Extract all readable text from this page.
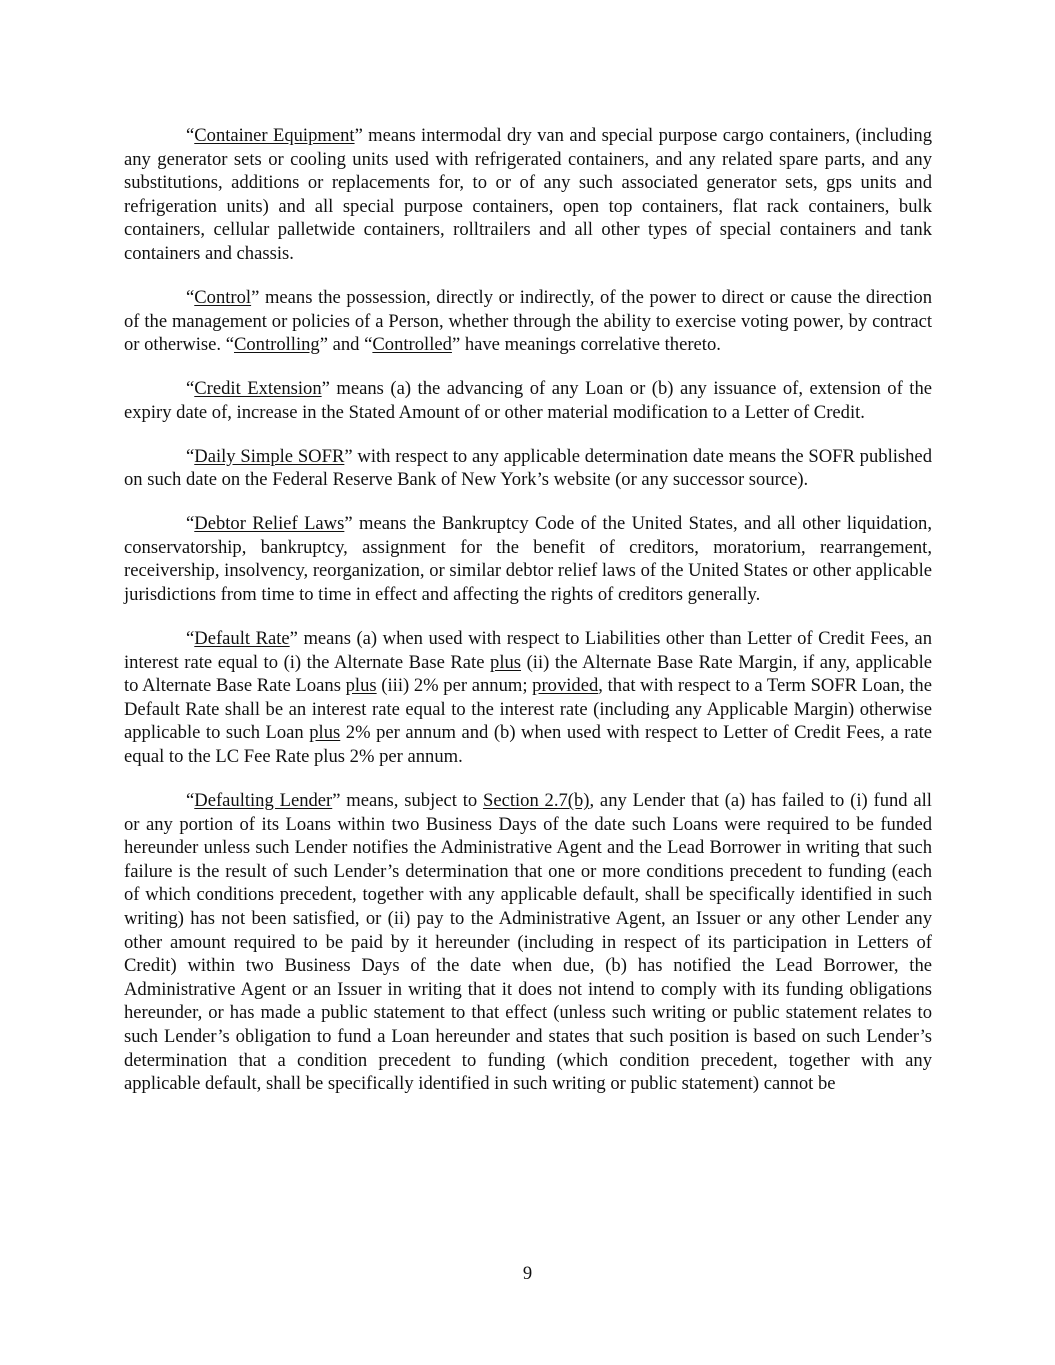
“Container Equipment” means intermodal dry van and special purpose cargo containers, (including any generator sets or cooling units used with refrigerated containers, and any related spare parts, and any substitutions, additions or replacements for, to or of any such associated generator sets, gps units and refrigeration units) and all special purpose containers, open top containers, flat rack containers, bulk containers, cellular palletwide containers, rolltrailers and all other types of special containers and tank containers and chassis.

“Control” means the possession, directly or indirectly, of the power to direct or cause the direction of the management or policies of a Person, whether through the ability to exercise voting power, by contract or otherwise. “Controlling” and “Controlled” have meanings correlative thereto.

“Credit Extension” means (a) the advancing of any Loan or (b) any issuance of, extension of the expiry date of, increase in the Stated Amount of or other material modification to a Letter of Credit.

“Daily Simple SOFR” with respect to any applicable determination date means the SOFR published on such date on the Federal Reserve Bank of New York’s website (or any successor source).

“Debtor Relief Laws” means the Bankruptcy Code of the United States, and all other liquidation, conservatorship, bankruptcy, assignment for the benefit of creditors, moratorium, rearrangement, receivership, insolvency, reorganization, or similar debtor relief laws of the United States or other applicable jurisdictions from time to time in effect and affecting the rights of creditors generally.

“Default Rate” means (a) when used with respect to Liabilities other than Letter of Credit Fees, an interest rate equal to (i) the Alternate Base Rate plus (ii) the Alternate Base Rate Margin, if any, applicable to Alternate Base Rate Loans plus (iii) 2% per annum; provided, that with respect to a Term SOFR Loan, the Default Rate shall be an interest rate equal to the interest rate (including any Applicable Margin) otherwise applicable to such Loan plus 2% per annum and (b) when used with respect to Letter of Credit Fees, a rate equal to the LC Fee Rate plus 2% per annum.

“Defaulting Lender” means, subject to Section 2.7(b), any Lender that (a) has failed to (i) fund all or any portion of its Loans within two Business Days of the date such Loans were required to be funded hereunder unless such Lender notifies the Administrative Agent and the Lead Borrower in writing that such failure is the result of such Lender’s determination that one or more conditions precedent to funding (each of which conditions precedent, together with any applicable default, shall be specifically identified in such writing) has not been satisfied, or (ii) pay to the Administrative Agent, an Issuer or any other Lender any other amount required to be paid by it hereunder (including in respect of its participation in Letters of Credit) within two Business Days of the date when due, (b) has notified the Lead Borrower, the Administrative Agent or an Issuer in writing that it does not intend to comply with its funding obligations hereunder, or has made a public statement to that effect (unless such writing or public statement relates to such Lender’s obligation to fund a Loan hereunder and states that such position is based on such Lender’s determination that a condition precedent to funding (which condition precedent, together with any applicable default, shall be specifically identified in such writing or public statement) cannot be

9
